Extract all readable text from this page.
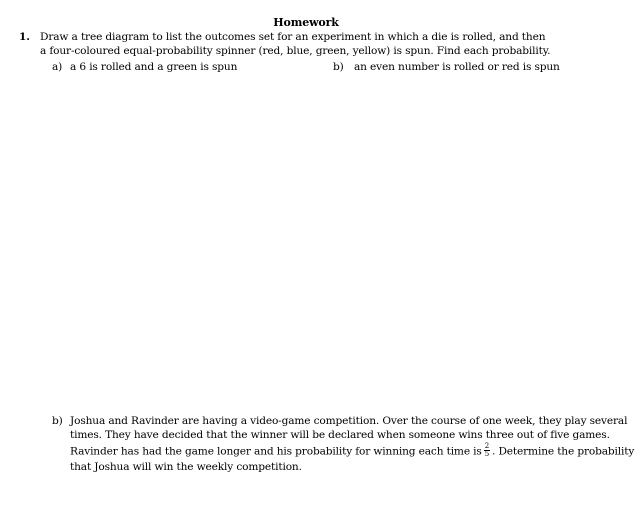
Homework
1. Draw a tree diagram to list the outcomes set for an experiment in which a die is rolled, and then
a four-coloured equal-probability spinner (red, blue, green, yellow) is spun. Find each probability.
a) a 6 is rolled and a green is spun	b) an even number is rolled or red is spun
b) Joshua and Ravinder are having a video-game competition. Over the course of one week, they play several
times. They have decided that the winner will be declared when someone wins three out of five games.
Ravinder has had the game longer and his probability for winning each time is $\frac{2}{5}$ . Determine the probability
that Joshua will win the weekly competition.
